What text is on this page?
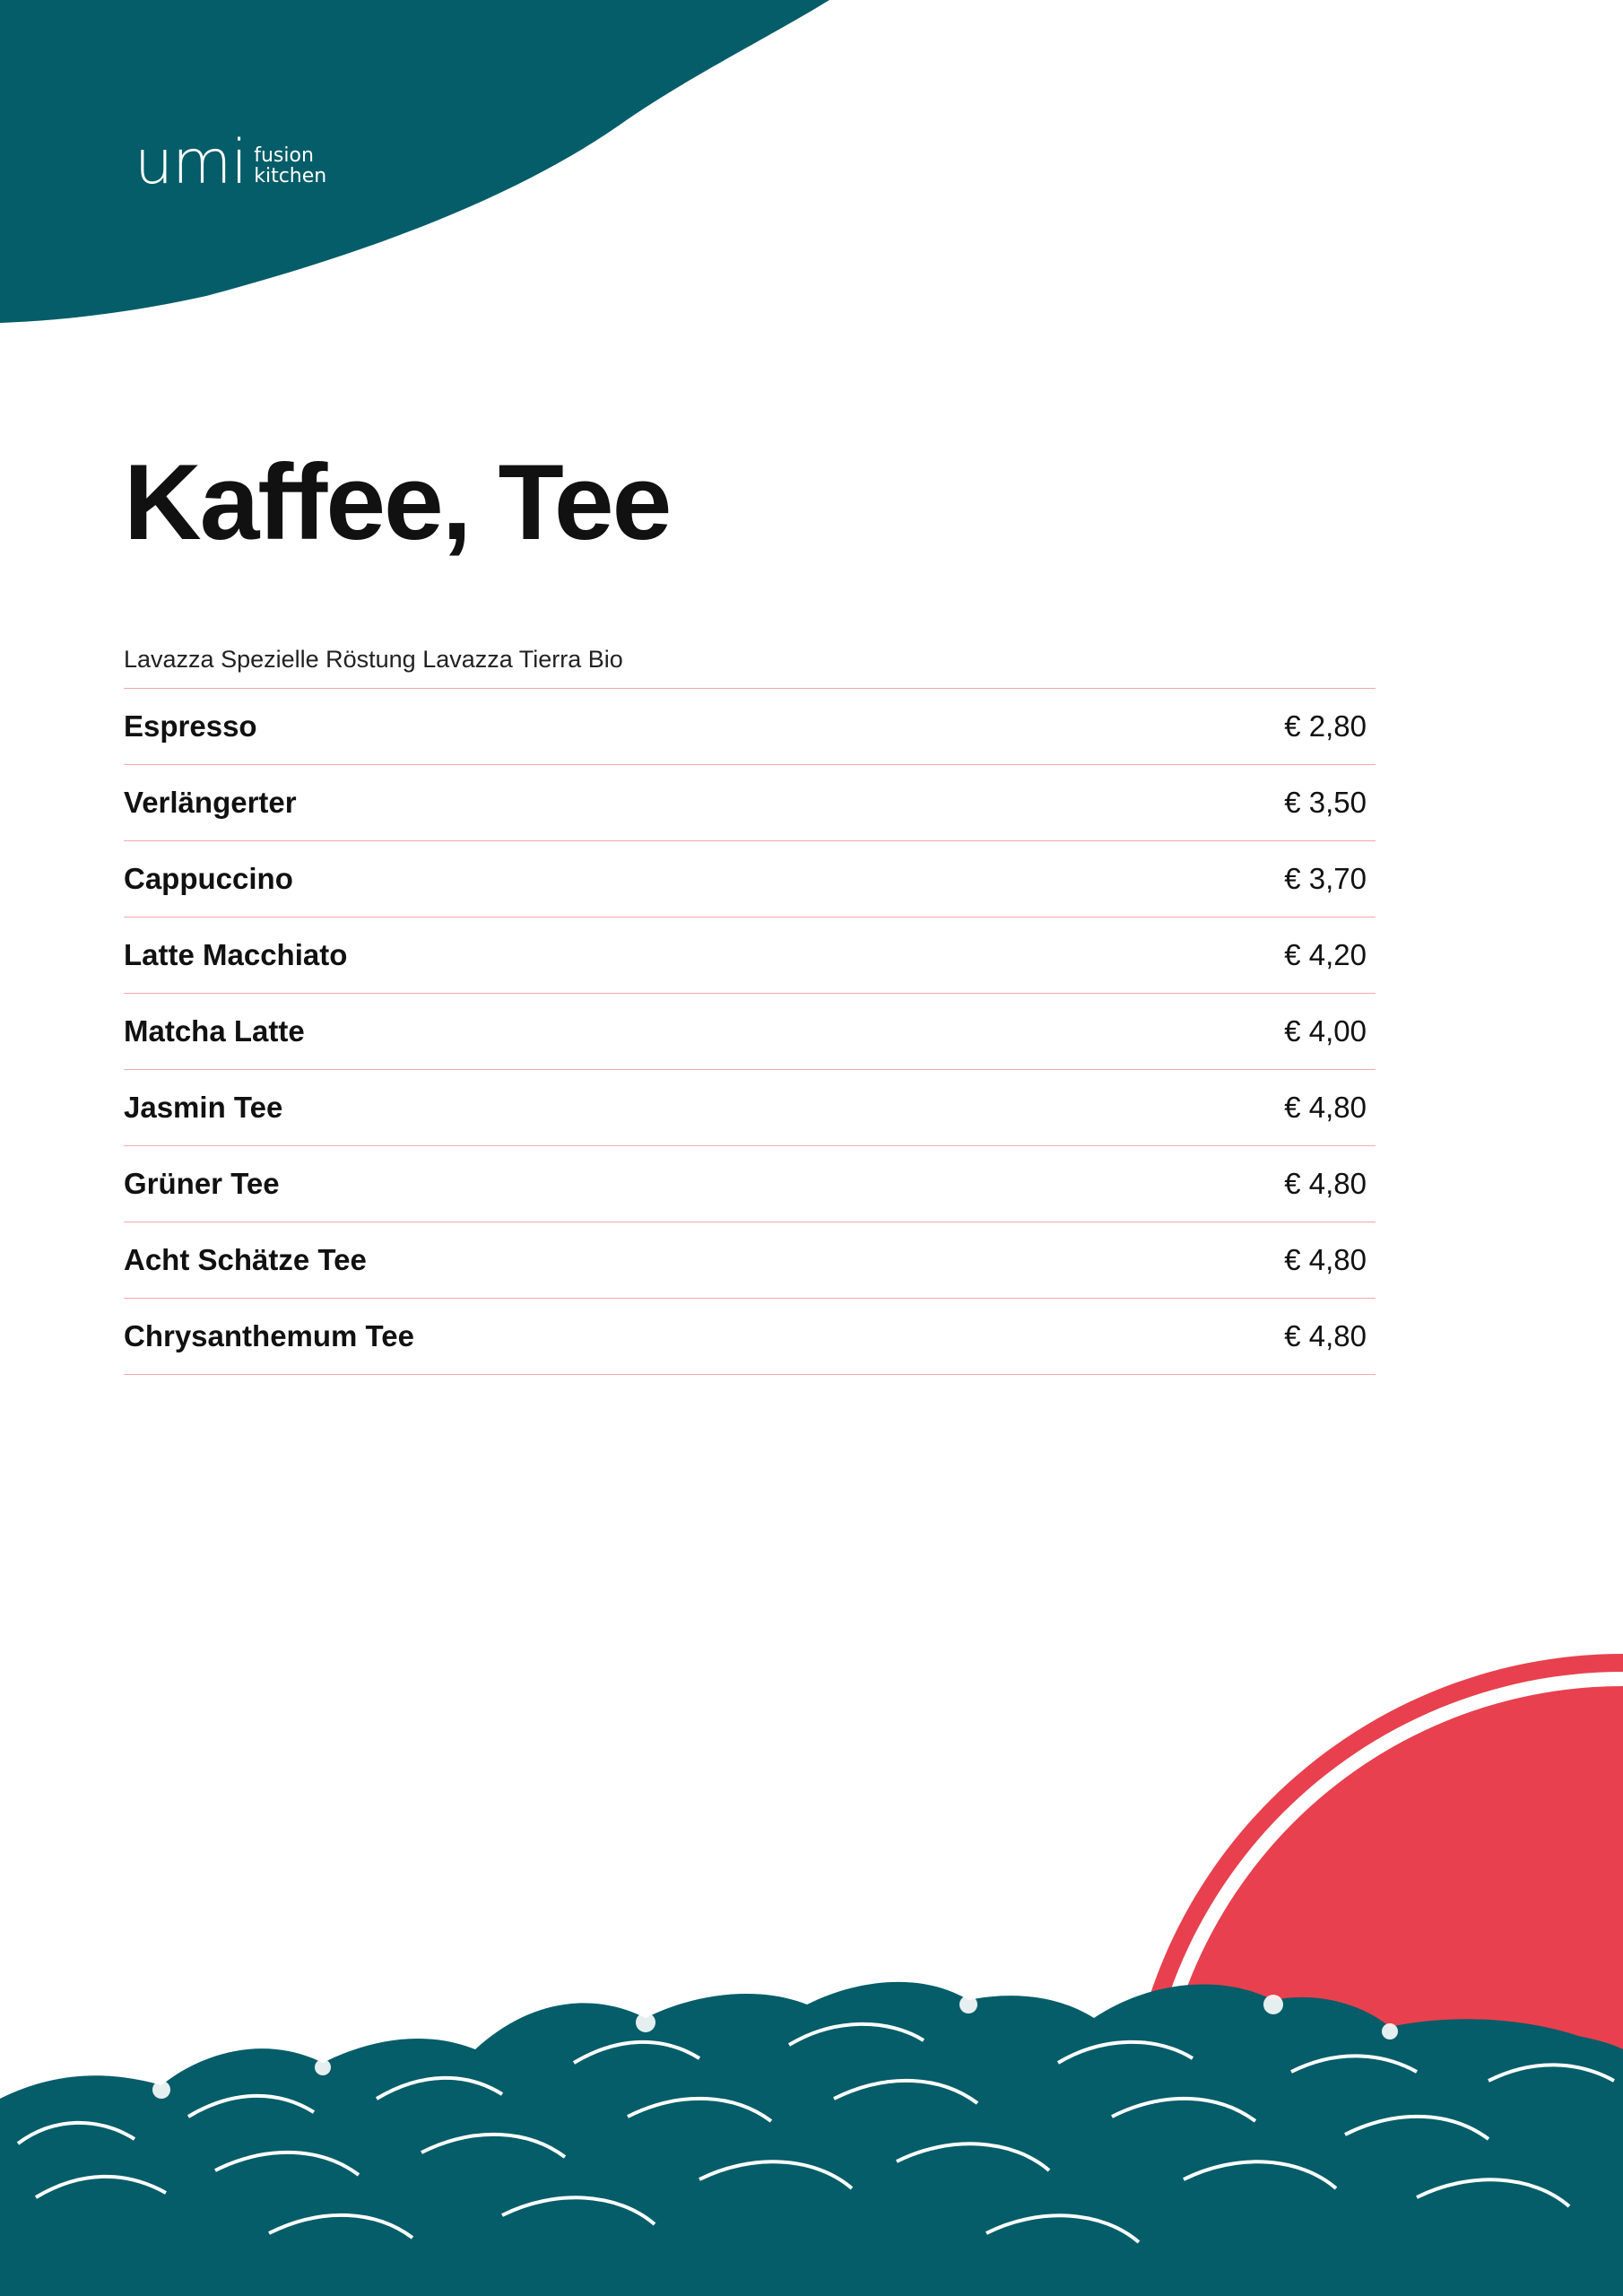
umi fusion
kitchen
Kaffee, Tee
Lavazza Spezielle Röstung Lavazza Tierra Bio
Espresso	€ 2,80
Verlängerter	€ 3,50
Cappuccino	€ 3,70
Latte Macchiato	€ 4,20
Matcha Latte	€ 4,00
Jasmin Tee	€ 4,80
Grüner Tee	€ 4,80
Acht Schätze Tee	€ 4,80
Chrysanthemum Tee	€ 4,80
